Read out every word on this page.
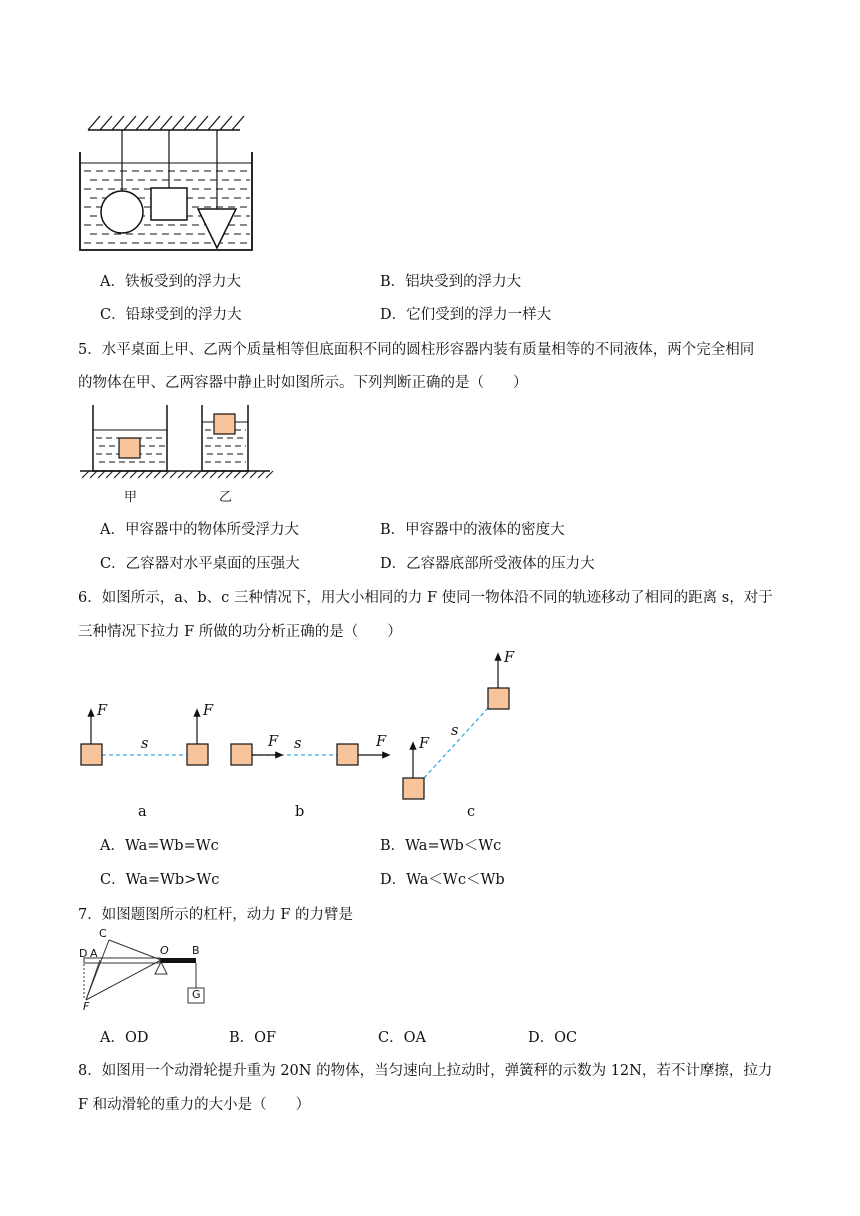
A．铁板受到的浮力大	B．铝块受到的浮力大
C．铅球受到的浮力大	D．它们受到的浮力一样大
5．水平桌面上甲、乙两个质量相等但底面积不同的圆柱形容器内装有质量相等的不同液体，两个完全相同
的物体在甲、乙两容器中静止时如图所示。下列判断正确的是（　　）
甲	乙
A．甲容器中的物体所受浮力大	B．甲容器中的液体的密度大
C．乙容器对水平桌面的压强大	D．乙容器底部所受液体的压力大
6．如图所示，a、b、c 三种情况下，用大小相同的力 F 使同一物体沿不同的轨迹移动了相同的距离 s，对于
三种情况下拉力 F 所做的功分析正确的是（　　）
F	F
s	F s	F F
s
F
a	b	c
A．Wa=Wb=Wc	B．Wa=Wb＜Wc
C．Wa=Wb>Wc	D．Wa＜Wc＜Wb
7．如图题图所示的杠杆，动力 F 的力臂是
C
D A	O B
F
G
A．OD	B．OF	C．OA	D．OC
8．如图用一个动滑轮提升重为 20N 的物体，当匀速向上拉动时，弹簧秤的示数为 12N，若不计摩擦，拉力
F 和动滑轮的重力的大小是（　　）
